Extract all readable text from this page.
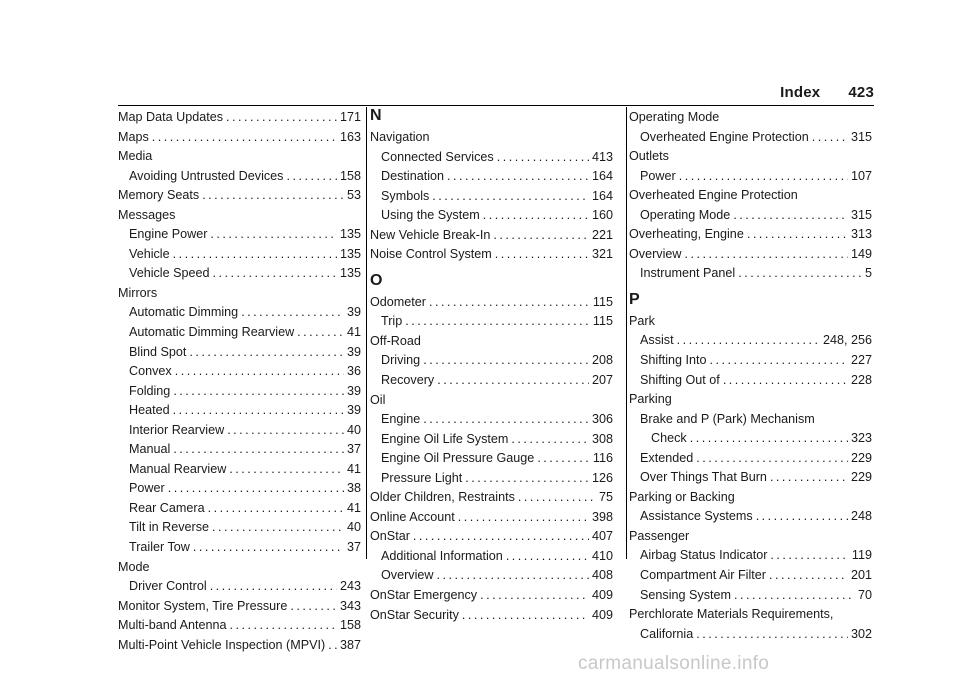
Index 423
Map Data Updates . . .	171
Maps . . .	163
Media
Avoiding Untrusted Devices . . .	158
Memory Seats . . .	53
Messages
Engine Power . . .	135
Vehicle . . .	135
Vehicle Speed . . .	135
Mirrors
Automatic Dimming . . .	39
Automatic Dimming Rearview . . .	41
Blind Spot . . .	39
Convex . . .	36
Folding . . .	39
Heated . . .	39
Interior Rearview . . .	40
Manual . . .	37
Manual Rearview . . .	41
Power . . .	38
Rear Camera . . .	41
Tilt in Reverse . . .	40
Trailer Tow . . .	37
Mode
Driver Control . . .	243
Monitor System, Tire Pressure . . .	343
Multi-band Antenna . . .	158
Multi-Point Vehicle Inspection (MPVI) . . . 387
N
Navigation
Connected Services . . .	413
Destination . . .	164
Symbols . . .	164
Using the System . . .	160
New Vehicle Break-In . . .	221
Noise Control System . . .	321
O
Odometer . . .	115
Trip . . .	115
Off-Road
Driving . . .	208
Recovery . . .	207
Oil
Engine . . .	306
Engine Oil Life System . . .	308
Engine Oil Pressure Gauge . . .	116
Pressure Light . . .	126
Older Children, Restraints . . .	75
Online Account . . .	398
OnStar . . .	407
Additional Information . . .	410
Overview . . .	408
OnStar Emergency . . .	409
OnStar Security . . .	409
Operating Mode
Overheated Engine Protection . . .	315
Outlets
Power . . .	107
Overheated Engine Protection
Operating Mode . . .	315
Overheating, Engine . . .	313
Overview . . .	149
Instrument Panel . . .	5
P
Park
Assist . . .	248, 256
Shifting Into . . .	227
Shifting Out of . . .	228
Parking
Brake and P (Park) Mechanism
Check . . .	323
Extended . . .	229
Over Things That Burn . . .	229
Parking or Backing
Assistance Systems . . .	248
Passenger
Airbag Status Indicator . . .	119
Compartment Air Filter . . .	201
Sensing System . . .	70
Perchlorate Materials Requirements,
California . . .	302
carmanualsonline.info
